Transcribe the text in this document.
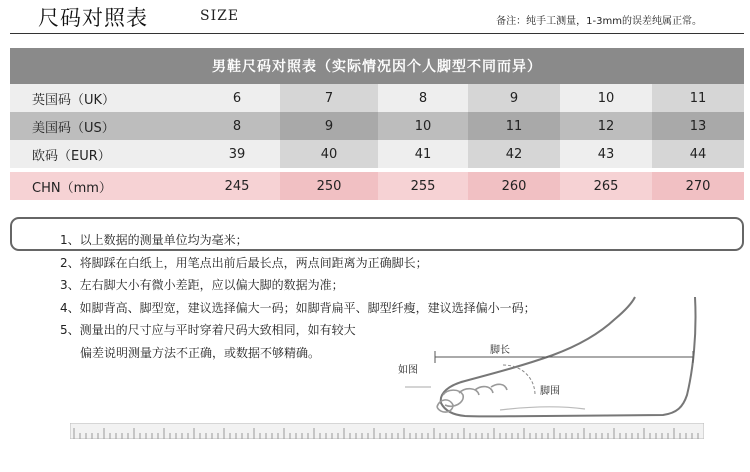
尺码对照表	SIZE	备注：纯手工测量，1-3mm的误差纯属正常。
男鞋尺码对照表（实际情况因个人脚型不同而异）
英国码（UK）	6	7	8	9	10	11
美国码（US）	8	9	10	11	12	13
欧码（EUR）	39	40	41	42	43	44
CHN（mm）	245	250	255	260	265	270
1、以上数据的测量单位均为毫米；
2、将脚踩在白纸上，用笔点出前后最长点，两点间距离为正确脚长；
3、左右脚大小有微小差距，应以偏大脚的数据为准；
4、如脚背高、脚型宽，建议选择偏大一码；如脚背扁平、脚型纤瘦，建议选择偏小一码；
5、测量出的尺寸应与平时穿着尺码大致相同，如有较大
偏差说明测量方法不正确，或数据不够精确。	脚长
脚围
如图
